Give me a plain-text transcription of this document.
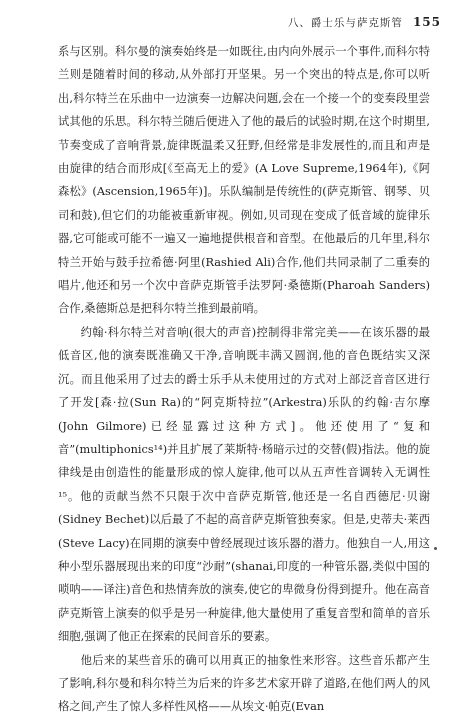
八、爵士乐与萨克斯管 155

系与区别。科尔曼的演奏始终是一如既往,由内向外展示一个事件,而科尔特兰则是随着时间的移动,从外部打开坚果。另一个突出的特点是,你可以听出,科尔特兰在乐曲中一边演奏一边解决问题,会在一个接一个的变奏段里尝试其他的乐思。科尔特兰随后便进入了他的最后的试验时期,在这个时期里,节奏变成了音响背景,旋律既温柔又狂野,但经常是非发展性的,而且和声是由旋律的结合而形成[《至高无上的爱》(A Love Supreme,1964年),《阿森松》(Ascension,1965年)]。乐队编制是传统性的(萨克斯管、钢琴、贝司和鼓),但它们的功能被重新审视。例如,贝司现在变成了低音域的旋律乐器,它可能或可能不一遍又一遍地提供根音和音型。在他最后的几年里,科尔特兰开始与鼓手拉希德·阿里(Rashied Ali)合作,他们共同录制了二重奏的唱片,他还和另一个次中音萨克斯管手法罗阿·桑德斯(Pharoah Sanders)合作,桑德斯总是把科尔特兰推到最前哨。

约翰·科尔特兰对音响(很大的声音)控制得非常完美——在该乐器的最低音区,他的演奏既准确又干净,音响既丰满又圆润,他的音色既结实又深沉。而且他采用了过去的爵士乐手从未使用过的方式对上部泛音音区进行了开发[森·拉(Sun Ra)的“阿克斯特拉”(Arkestra)乐队的约翰·吉尔摩(John Gilmore)已经显露过这种方式]。他还使用了“复和音”(multiphonics¹⁴)并且扩展了莱斯特·杨暗示过的交替(假)指法。他的旋律线是由创造性的能量形成的惊人旋律,他可以从五声性音调转入无调性¹⁵。他的贡献当然不只限于次中音萨克斯管,他还是一名自西德尼·贝谢(Sidney Bechet)以后最了不起的高音萨克斯管独奏家。但是,史蒂夫·莱西(Steve Lacy)在同期的演奏中曾经展现过该乐器的潜力。他独自一人,用这种小型乐器展现出来的印度“沙耐”(shanai,印度的一种管乐器,类似中国的唢呐——译注)音色和热情奔放的演奏,使它的卑微身份得到提升。他在高音萨克斯管上演奏的似乎是另一种旋律,他大量使用了重复音型和简单的音乐细胞,强调了他正在探索的民间音乐的要素。

他后来的某些音乐的确可以用真正的抽象性来形容。这些音乐都产生了影响,科尔曼和科尔特兰为后来的许多艺术家开辟了道路,在他们两人的风格之间,产生了惊人多样性风格——从埃文·帕克(Evan
